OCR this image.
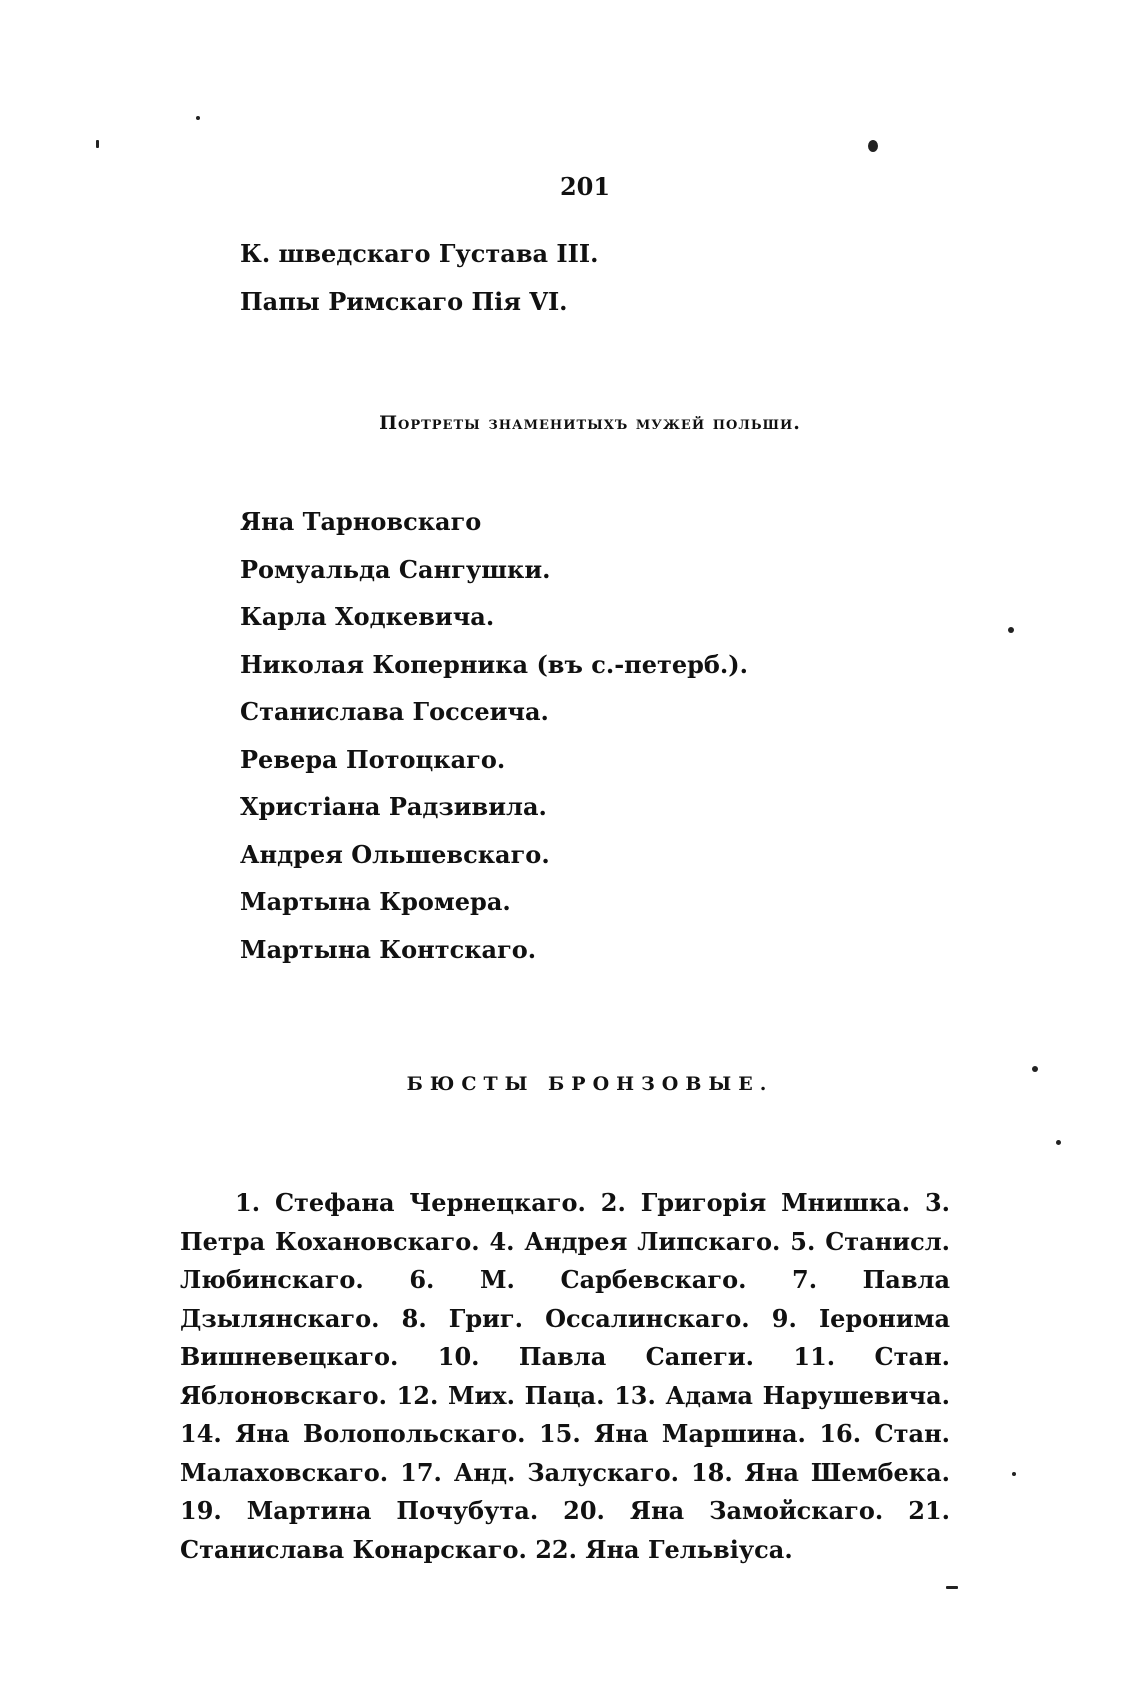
201
К. шведскаго Густава III.
Папы Римскаго Пія VI.
Портреты знаменитыхъ мужей польши.
Яна Тарновскаго
Ромуальда Сангушки.
Карла Ходкевича.
Николая Коперника (въ с.-петерб.).
Станислава Госсеича.
Ревера Потоцкаго.
Христіана Радзивила.
Андрея Ольшевскаго.
Мартына Кромера.
Мартына Контскаго.
БЮСТЫ БРОНЗОВЫЕ.

1. Стефана Чернецкаго. 2. Григорія Мнишка. 3. Петра Кохановскаго. 4. Андрея Липскаго. 5. Станисл. Любинскаго. 6. М. Сарбевскаго. 7. Павла Дзылянскаго. 8. Григ. Оссалинскаго. 9. Іеронима Вишневецкаго. 10. Павла Сапеги. 11. Стан. Яблоновскаго. 12. Мих. Паца. 13. Адама Нарушевича. 14. Яна Волопольскаго. 15. Яна Маршина. 16. Стан. Малаховскаго. 17. Анд. Залускаго. 18. Яна Шембека. 19. Мартина Почубута. 20. Яна Замойскаго. 21. Станислава Конарскаго. 22. Яна Гельвіуса.
